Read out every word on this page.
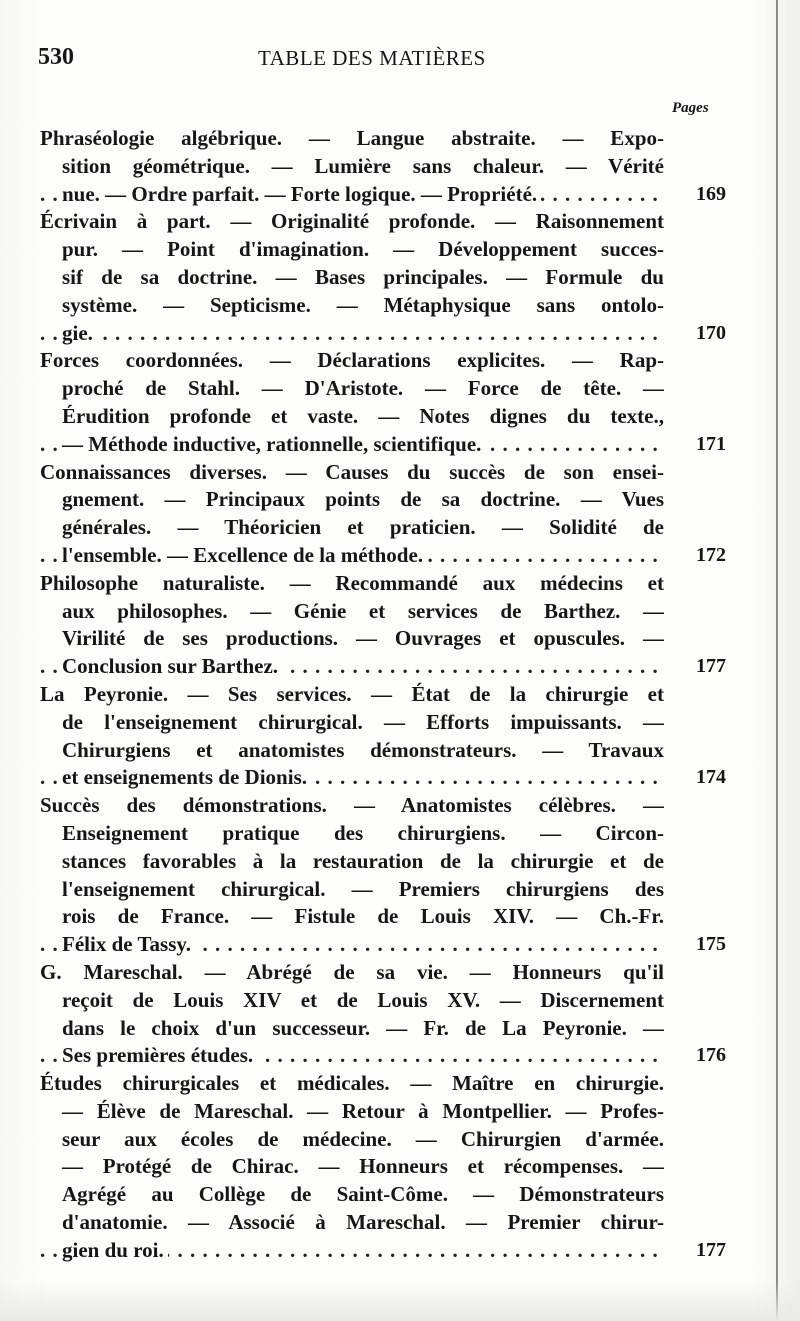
530	TABLE DES MATIÈRES
Pages
Phraséologie algébrique. — Langue abstraite. — Expo-
sition géométrique. — Lumière sans chaleur. — Vérité
nue. — Ordre parfait. — Forte logique. — Propriété. . . .	169
Écrivain à part. — Originalité profonde. — Raisonnement
pur. — Point d'imagination. — Développement succes-
sif de sa doctrine. — Bases principales. — Formule du
système. — Septicisme. — Métaphysique sans ontolo-
gie. . . .	170
Forces coordonnées. — Déclarations explicites. — Rap-
proché de Stahl. — D'Aristote. — Force de tête. —
Érudition profonde et vaste. — Notes dignes du texte.,
— Méthode inductive, rationnelle, scientifique. . . .	171
Connaissances diverses. — Causes du succès de son ensei-
gnement. — Principaux points de sa doctrine. — Vues
générales. — Théoricien et praticien. — Solidité de
l'ensemble. — Excellence de la méthode. . . .	172
Philosophe naturaliste. — Recommandé aux médecins et
aux philosophes. — Génie et services de Barthez. —
Virilité de ses productions. — Ouvrages et opuscules. —
Conclusion sur Barthez. . . .	177
La Peyronie. — Ses services. — État de la chirurgie et
de l'enseignement chirurgical. — Efforts impuissants. —
Chirurgiens et anatomistes démonstrateurs. — Travaux
et enseignements de Dionis. . . .	174
Succès des démonstrations. — Anatomistes célèbres. —
Enseignement pratique des chirurgiens. — Circon-
stances favorables à la restauration de la chirurgie et de
l'enseignement chirurgical. — Premiers chirurgiens des
rois de France. — Fistule de Louis XIV. — Ch.-Fr.
Félix de Tassy. . . .	175
G. Mareschal. — Abrégé de sa vie. — Honneurs qu'il
reçoit de Louis XIV et de Louis XV. — Discernement
dans le choix d'un successeur. — Fr. de La Peyronie. —
Ses premières études. . . .	176
Études chirurgicales et médicales. — Maître en chirurgie.
— Élève de Mareschal. — Retour à Montpellier. — Profes-
seur aux écoles de médecine. — Chirurgien d'armée.
— Protégé de Chirac. — Honneurs et récompenses. —
Agrégé au Collège de Saint-Côme. — Démonstrateurs
d'anatomie. — Associé à Mareschal. — Premier chirur-
gien du roi. . . .	177
